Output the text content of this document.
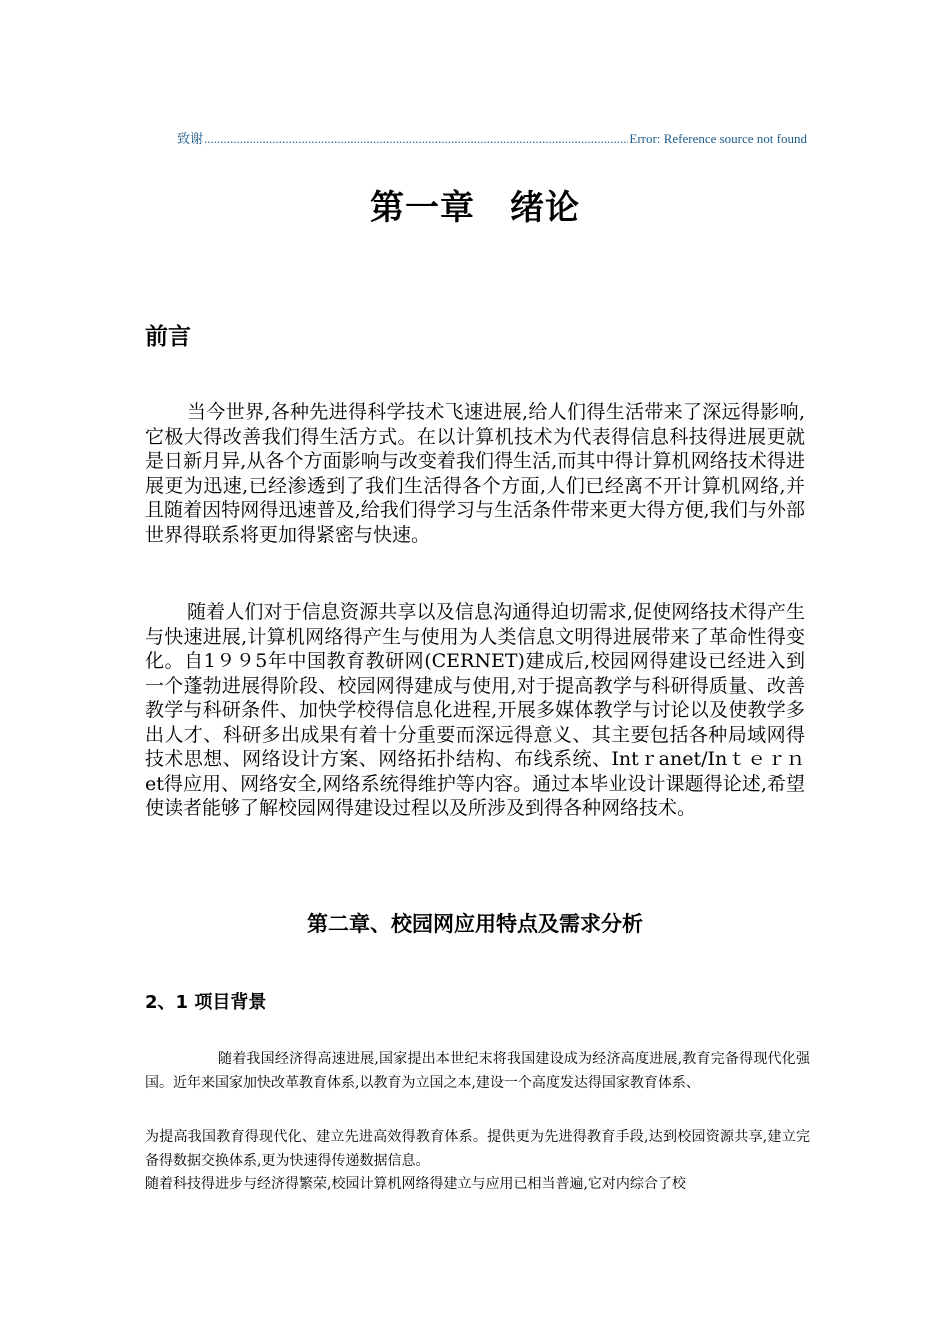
致谢
.....	Error: Reference source not found
第一章　绪论
前言

当今世界,各种先进得科学技术飞速进展,给人们得生活带来了深远得影响,它极大得改善我们得生活方式。在以计算机技术为代表得信息科技得进展更就是日新月异,从各个方面影响与改变着我们得生活,而其中得计算机网络技术得进展更为迅速,已经渗透到了我们生活得各个方面,人们已经离不开计算机网络,并且随着因特网得迅速普及,给我们得学习与生活条件带来更大得方便,我们与外部世界得联系将更加得紧密与快速。

随着人们对于信息资源共享以及信息沟通得迫切需求,促使网络技术得产生与快速进展,计算机网络得产生与使用为人类信息文明得进展带来了革命性得变化。自1９９5年中国教育教研网(CERNET)建成后,校园网得建设已经进入到一个蓬勃进展得阶段、校园网得建成与使用,对于提高教学与科研得质量、改善教学与科研条件、加快学校得信息化进程,开展多媒体教学与讨论以及使教学多出人才、科研多出成果有着十分重要而深远得意义、其主要包括各种局域网得技术思想、网络设计方案、网络拓扑结构、布线系统、Intｒanet/Inｔｅｒｎet得应用、网络安全,网络系统得维护等内容。通过本毕业设计课题得论述,希望使读者能够了解校园网得建设过程以及所涉及到得各种网络技术。

第二章、校园网应用特点及需求分析
2、1 项目背景

随着我国经济得高速进展,国家提出本世纪末将我国建设成为经济高度进展,教育完备得现代化强国。近年来国家加快改革教育体系,以教育为立国之本,建设一个高度发达得国家教育体系、

为提高我国教育得现代化、建立先进高效得教育体系。提供更为先进得教育手段,达到校园资源共享,建立完备得数据交换体系,更为快速得传递数据信息。

随着科技得进步与经济得繁荣,校园计算机网络得建立与应用已相当普遍,它对内综合了校
